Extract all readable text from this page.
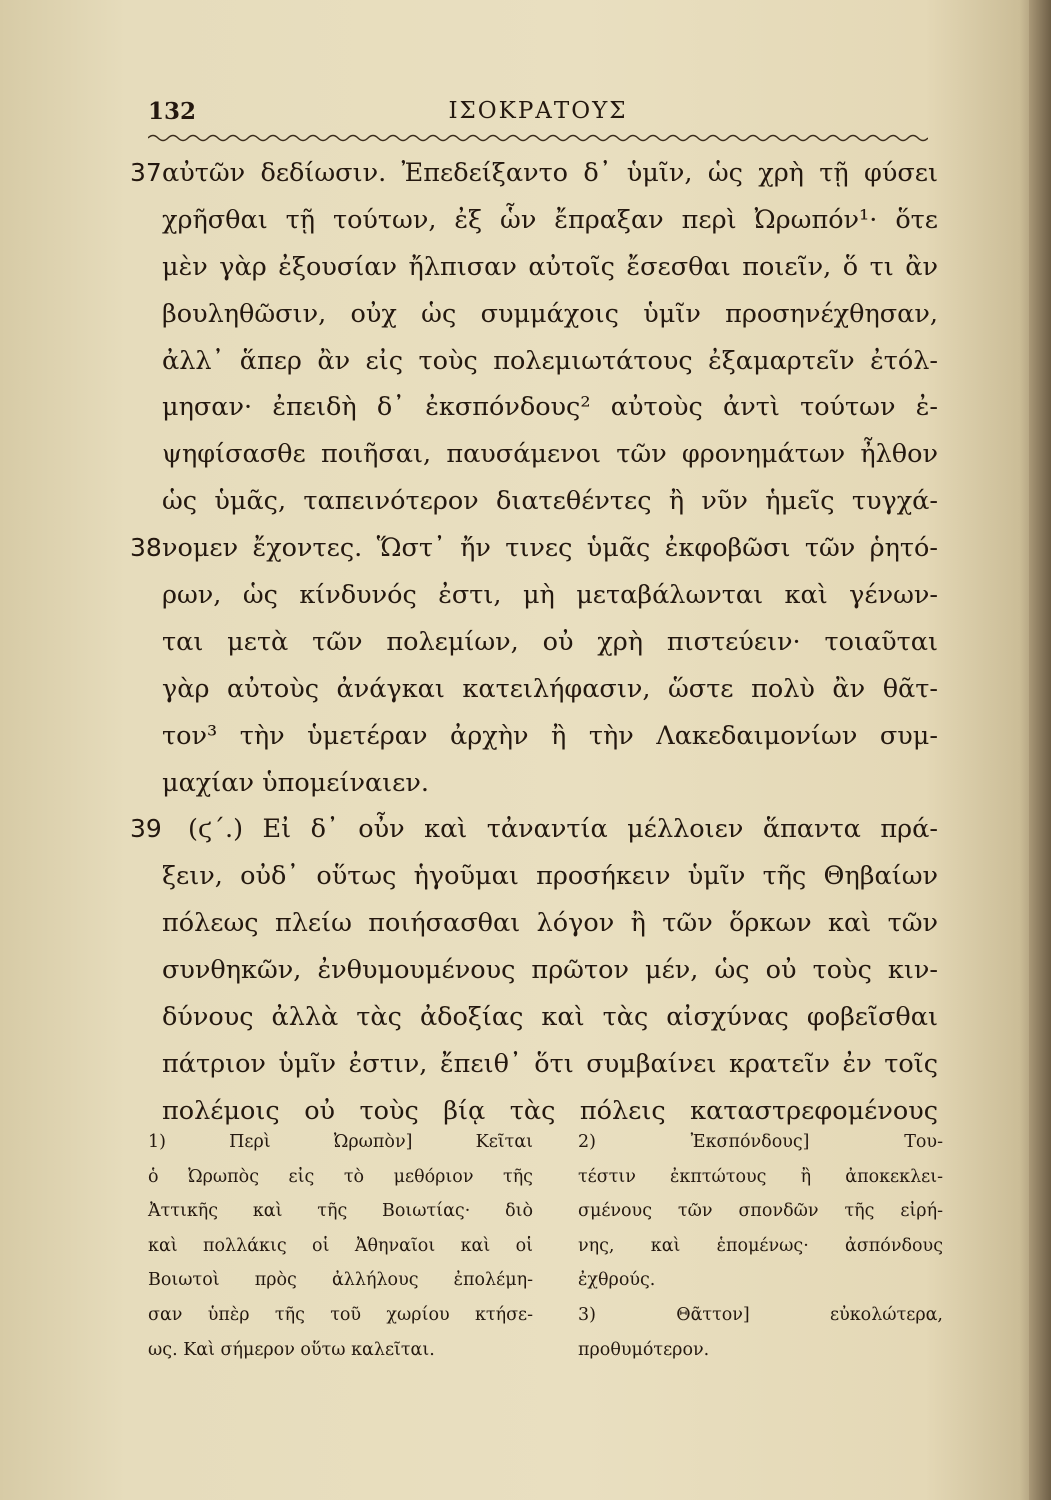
132	ΙΣΟΚΡΑΤΟΥΣ
37 αὐτῶν δεδίωσιν. Ἐπεδείξαντο δ᾽ ὑμῖν, ὡς χρὴ τῇ φύσει
χρῆσθαι τῇ τούτων, ἐξ ὧν ἔπραξαν περὶ Ὠρωπόν¹· ὅτε
μὲν γὰρ ἐξουσίαν ἤλπισαν αὐτοῖς ἔσεσθαι ποιεῖν, ὅ τι ἂν
βουληθῶσιν, οὐχ ὡς συμμάχοις ὑμῖν προσηνέχθησαν,
ἀλλ᾽ ἅπερ ἂν εἰς τοὺς πολεμιωτάτους ἐξαμαρτεῖν ἐτόλ-
μησαν· ἐπειδὴ δ᾽ ἐκσπόνδους² αὐτοὺς ἀντὶ τούτων ἐ-
ψηφίσασθε ποιῆσαι, παυσάμενοι τῶν φρονημάτων ἦλθον
ὡς ὑμᾶς, ταπεινότερον διατεθέντες ἢ νῦν ἡμεῖς τυγχά-
38 νομεν ἔχοντες. Ὥστ᾽ ἤν τινες ὑμᾶς ἐκφοβῶσι τῶν ῥητό-
ρων, ὡς κίνδυνός ἐστι, μὴ μεταβάλωνται καὶ γένων-
ται μετὰ τῶν πολεμίων, οὐ χρὴ πιστεύειν· τοιαῦται
γὰρ αὐτοὺς ἀνάγκαι κατειλήφασιν, ὥστε πολὺ ἂν θᾶτ-
τον³ τὴν ὑμετέραν ἀρχὴν ἢ τὴν Λακεδαιμονίων συμ-
μαχίαν ὑπομείναιεν.
39 (ϛ΄.) Εἰ δ᾽ οὖν καὶ τἀναντία μέλλοιεν ἅπαντα πρά-
ξειν, οὐδ᾽ οὕτως ἡγοῦμαι προσήκειν ὑμῖν τῆς Θηβαίων
πόλεως πλείω ποιήσασθαι λόγον ἢ τῶν ὅρκων καὶ τῶν
συνθηκῶν, ἐνθυμουμένους πρῶτον μέν, ὡς οὐ τοὺς κιν-
δύνους ἀλλὰ τὰς ἀδοξίας καὶ τὰς αἰσχύνας φοβεῖσθαι
πάτριον ὑμῖν ἐστιν, ἔπειθ᾽ ὅτι συμβαίνει κρατεῖν ἐν τοῖς
πολέμοις οὐ τοὺς βίᾳ τὰς πόλεις καταστρεφομένους
1) Περὶ Ὠρωπὸν] Κεῖται
ὁ Ὠρωπὸς εἰς τὸ μεθόριον τῆς
Ἀττικῆς καὶ τῆς Βοιωτίας· διὸ
καὶ πολλάκις οἱ Ἀθηναῖοι καὶ οἱ
Βοιωτοὶ πρὸς ἀλλήλους ἐπολέμη-
σαν ὑπὲρ τῆς τοῦ χωρίου κτήσε-
ως. Καὶ σήμερον οὕτω καλεῖται.
2) Ἐκσπόνδους] Του-
τέστιν ἐκπτώτους ἢ ἀποκεκλει-
σμένους τῶν σπονδῶν τῆς εἰρή-
νης, καὶ ἑπομένως· ἀσπόνδους
ἐχθρούς.
3) Θᾶττον] εὐκολώτερα,
προθυμότερον.
